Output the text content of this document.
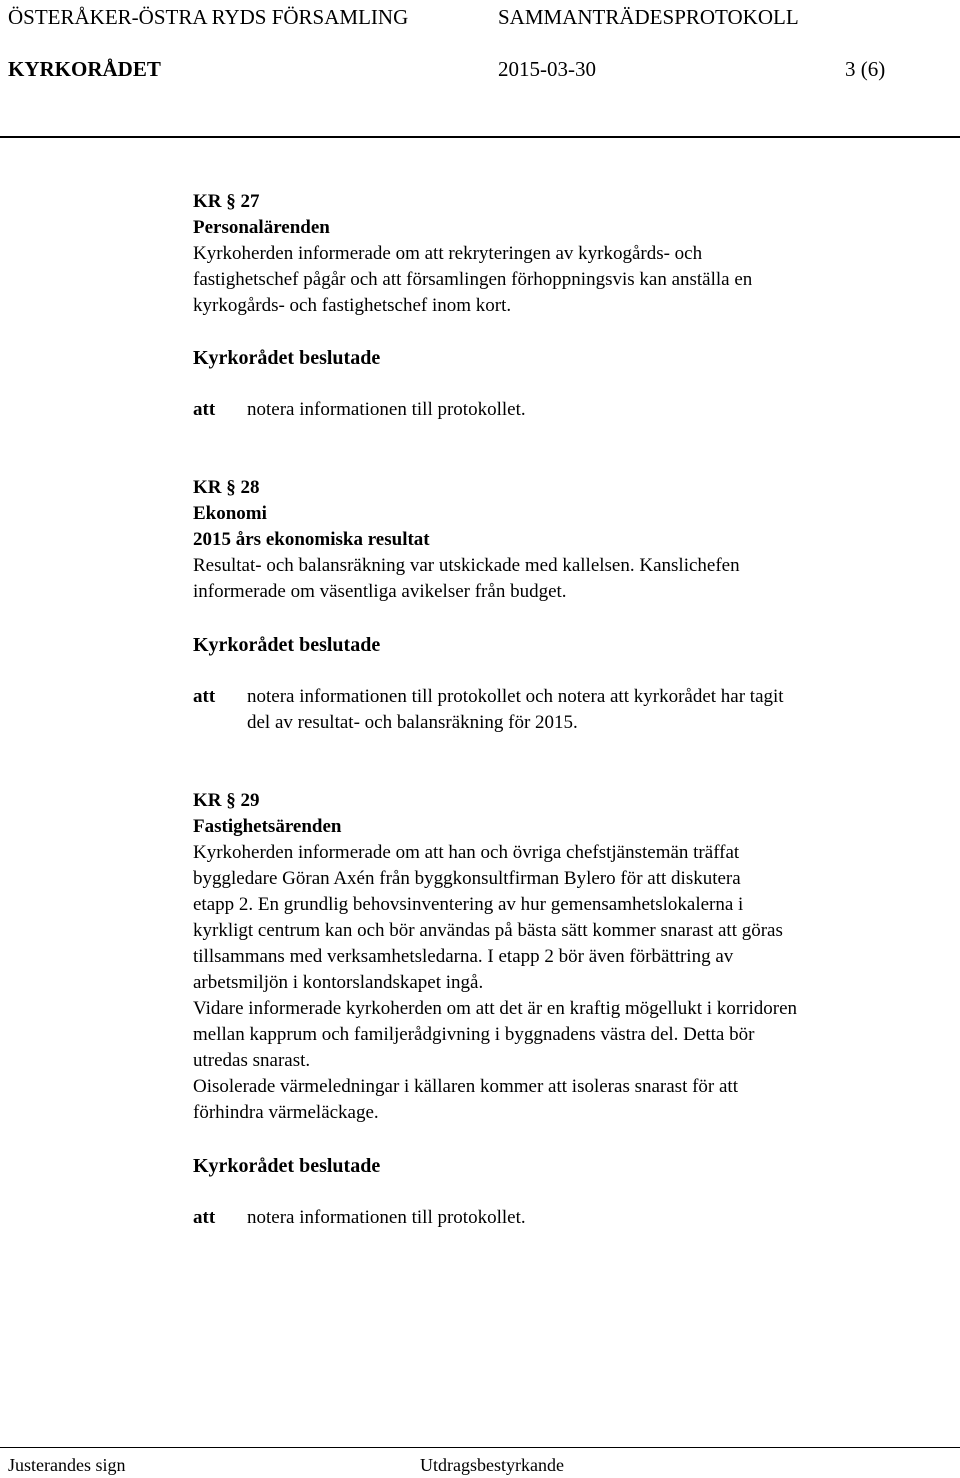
ÖSTERÅKER-ÖSTRA RYDS FÖRSAMLING	SAMMANTRÄDESPROTOKOLL
KYRKORÅDET	2015-03-30	3 (6)
KR § 27
Personalärenden
Kyrkoherden informerade om att rekryteringen av kyrkogårds- och
fastighetschef pågår och att församlingen förhoppningsvis kan anställa en
kyrkogårds- och fastighetschef inom kort.
Kyrkorådet beslutade
att notera informationen till protokollet.
KR § 28
Ekonomi
2015 års ekonomiska resultat
Resultat- och balansräkning var utskickade med kallelsen. Kanslichefen
informerade om väsentliga avikelser från budget.
Kyrkorådet beslutade
att notera informationen till protokollet och notera att kyrkorådet har tagit
del av resultat- och balansräkning för 2015.
KR § 29
Fastighetsärenden
Kyrkoherden informerade om att han och övriga chefstjänstemän träffat
byggledare Göran Axén från byggkonsultfirman Bylero för att diskutera
etapp 2. En grundlig behovsinventering av hur gemensamhetslokalerna i
kyrkligt centrum kan och bör användas på bästa sätt kommer snarast att göras
tillsammans med verksamhetsledarna. I etapp 2 bör även förbättring av
arbetsmiljön i kontorslandskapet ingå.
Vidare informerade kyrkoherden om att det är en kraftig mögellukt i korridoren
mellan kapprum och familjerådgivning i byggnadens västra del. Detta bör
utredas snarast.
Oisolerade värmeledningar i källaren kommer att isoleras snarast för att
förhindra värmeläckage.
Kyrkorådet beslutade
att notera informationen till protokollet.
Justerandes sign	Utdragsbestyrkande
